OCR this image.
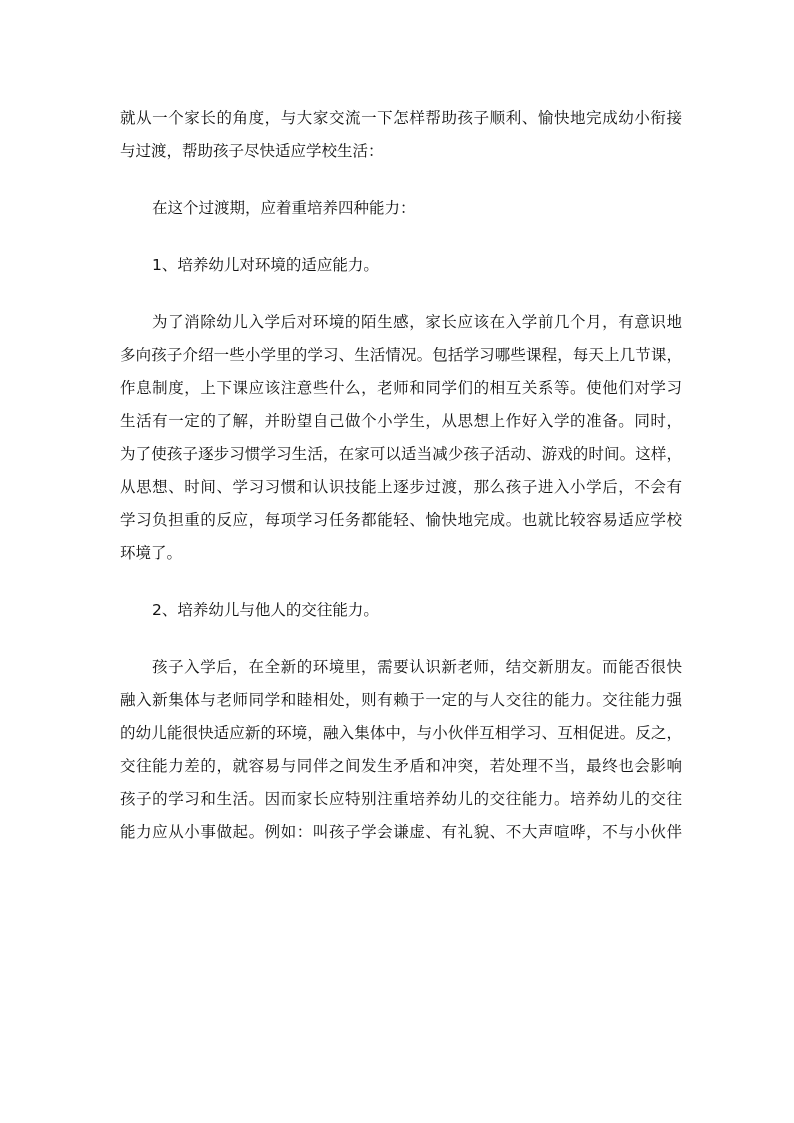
就从一个家长的角度，与大家交流一下怎样帮助孩子顺利、愉快地完成幼小衔接
与过渡，帮助孩子尽快适应学校生活：
在这个过渡期，应着重培养四种能力：
1、培养幼儿对环境的适应能力。
为了消除幼儿入学后对环境的陌生感，家长应该在入学前几个月，有意识地
多向孩子介绍一些小学里的学习、生活情况。包括学习哪些课程，每天上几节课，
作息制度，上下课应该注意些什么，老师和同学们的相互关系等。使他们对学习
生活有一定的了解，并盼望自己做个小学生，从思想上作好入学的准备。同时，
为了使孩子逐步习惯学习生活，在家可以适当减少孩子活动、游戏的时间。这样，
从思想、时间、学习习惯和认识技能上逐步过渡，那么孩子进入小学后，不会有
学习负担重的反应，每项学习任务都能轻、愉快地完成。也就比较容易适应学校
环境了。
2、培养幼儿与他人的交往能力。
孩子入学后，在全新的环境里，需要认识新老师，结交新朋友。而能否很快
融入新集体与老师同学和睦相处，则有赖于一定的与人交往的能力。交往能力强
的幼儿能很快适应新的环境，融入集体中，与小伙伴互相学习、互相促进。反之，
交往能力差的，就容易与同伴之间发生矛盾和冲突，若处理不当，最终也会影响
孩子的学习和生活。因而家长应特别注重培养幼儿的交往能力。培养幼儿的交往
能力应从小事做起。例如：叫孩子学会谦虚、有礼貌、不大声喧哗，不与小伙伴
